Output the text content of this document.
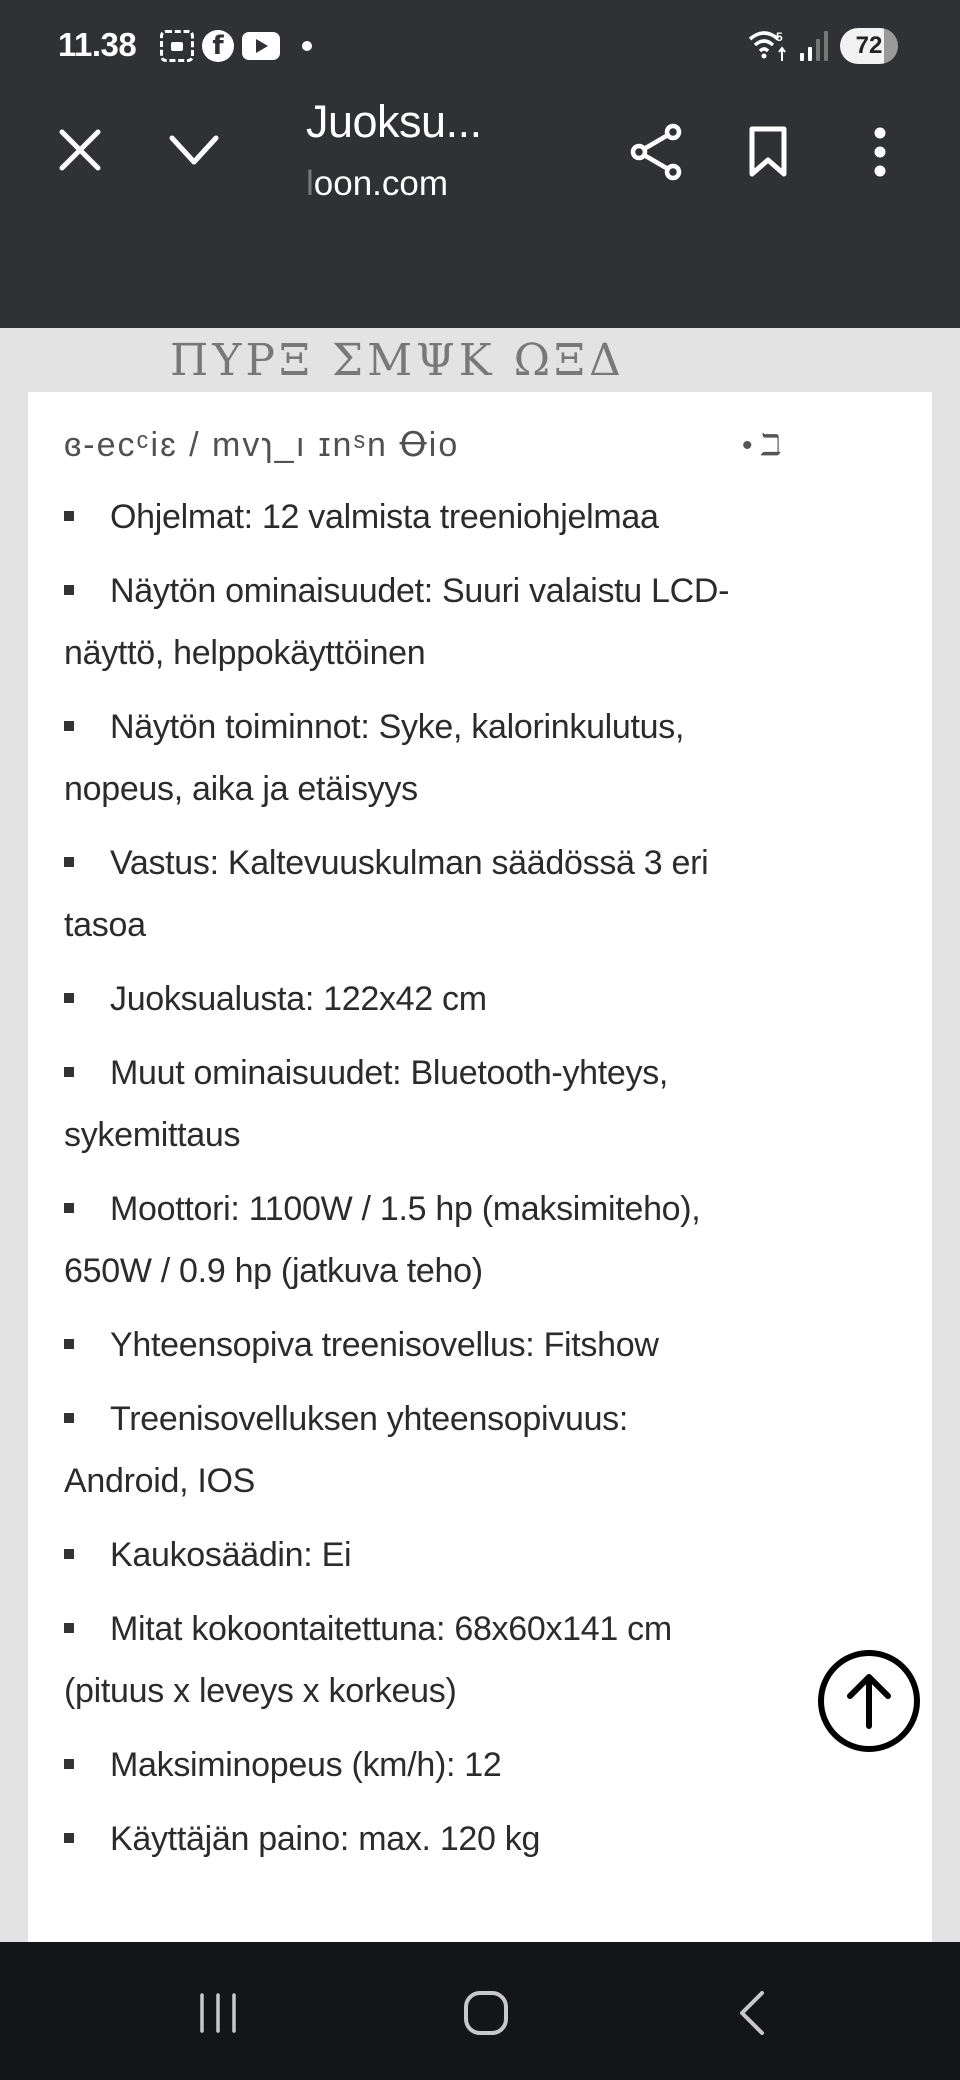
11.38	f	5	72
Juoksu...
loon.com
ΠΥΡΞ ΣΜΨΚ ΩΞΔ
ɞ-ecᶜiɛ / mvɿ_ı ɪnˢn Ꝋio	• ℶ
Ohjelmat: 12 valmista treeniohjelmaa
Näytön ominaisuudet: Suuri valaistu LCD-
näyttö, helppokäyttöinen
Näytön toiminnot: Syke, kalorinkulutus,
nopeus, aika ja etäisyys
Vastus: Kaltevuuskulman säädössä 3 eri
tasoa
Juoksualusta: 122x42 cm
Muut ominaisuudet: Bluetooth-yhteys,
sykemittaus
Moottori: 1100W / 1.5 hp (maksimiteho),
650W / 0.9 hp (jatkuva teho)
Yhteensopiva treenisovellus: Fitshow
Treenisovelluksen yhteensopivuus:
Android, IOS
Kaukosäädin: Ei
Mitat kokoontaitettuna: 68x60x141 cm
(pituus x leveys x korkeus)
Maksiminopeus (km/h): 12
Käyttäjän paino: max. 120 kg
